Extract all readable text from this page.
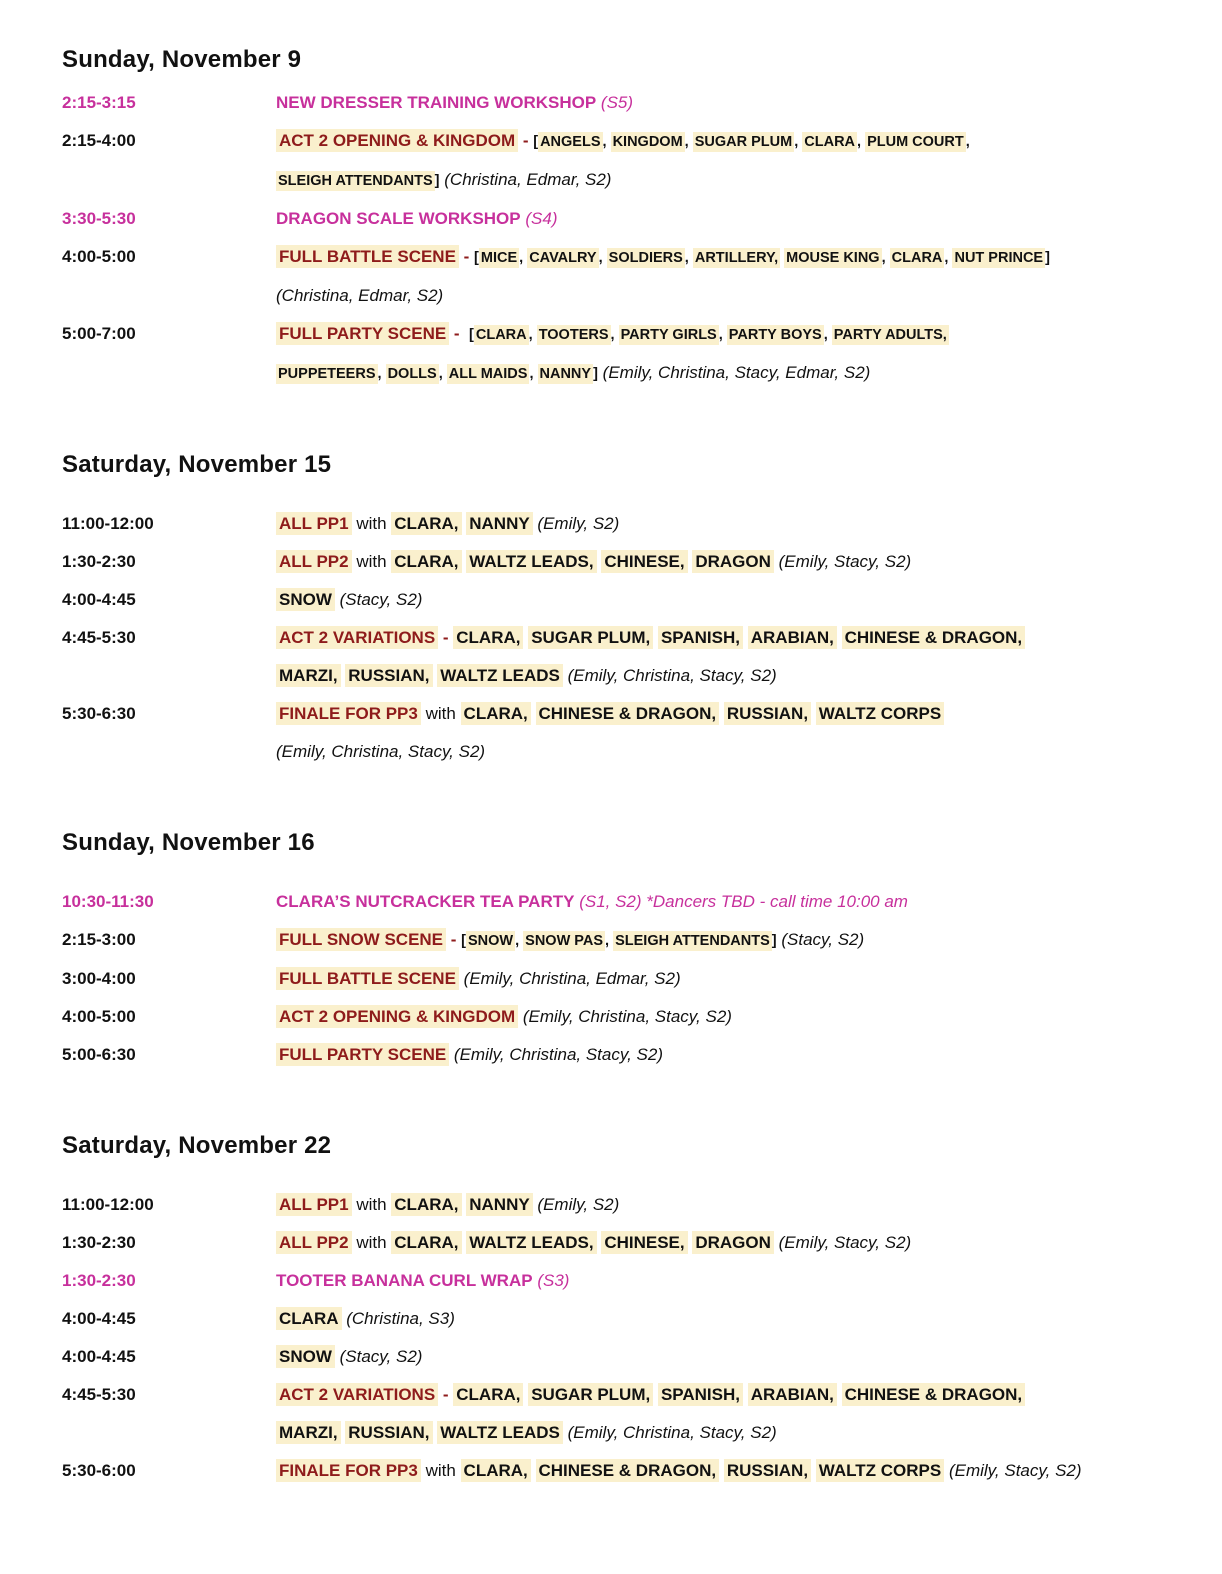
Sunday, November 9
2:15-3:15	NEW DRESSER TRAINING WORKSHOP (S5)
2:15-4:00	ACT 2 OPENING & KINGDOM - [ ANGELS , KINGDOM , SUGAR PLUM , CLARA , PLUM COURT ,
SLEIGH ATTENDANTS ] (Christina, Edmar, S2)
3:30-5:30	DRAGON SCALE WORKSHOP (S4)
4:00-5:00	FULL BATTLE SCENE - [ MICE , CAVALRY , SOLDIERS , ARTILLERY, MOUSE KING , CLARA , NUT PRINCE ]
(Christina, Edmar, S2)
5:00-7:00	FULL PARTY SCENE -  [ CLARA , TOOTERS , PARTY GIRLS , PARTY BOYS , PARTY ADULTS,
PUPPETEERS , DOLLS , ALL MAIDS , NANNY ] (Emily, Christina, Stacy, Edmar, S2)
Saturday, November 15
11:00-12:00	ALL PP1 with CLARA, NANNY (Emily, S2)
1:30-2:30	ALL PP2 with CLARA, WALTZ LEADS, CHINESE, DRAGON (Emily, Stacy, S2)
4:00-4:45	SNOW (Stacy, S2)
4:45-5:30	ACT 2 VARIATIONS - CLARA, SUGAR PLUM, SPANISH, ARABIAN, CHINESE & DRAGON,
MARZI, RUSSIAN, WALTZ LEADS (Emily, Christina, Stacy, S2)
5:30-6:30	FINALE FOR PP3 with CLARA, CHINESE & DRAGON, RUSSIAN, WALTZ CORPS
(Emily, Christina, Stacy, S2)
Sunday, November 16
10:30-11:30	CLARA’S NUTCRACKER TEA PARTY (S1, S2) *Dancers TBD - call time 10:00 am
2:15-3:00	FULL SNOW SCENE - [ SNOW , SNOW PAS , SLEIGH ATTENDANTS ] (Stacy, S2)
3:00-4:00	FULL BATTLE SCENE (Emily, Christina, Edmar, S2)
4:00-5:00	ACT 2 OPENING & KINGDOM (Emily, Christina, Stacy, S2)
5:00-6:30	FULL PARTY SCENE (Emily, Christina, Stacy, S2)
Saturday, November 22
11:00-12:00	ALL PP1 with CLARA, NANNY (Emily, S2)
1:30-2:30	ALL PP2 with CLARA, WALTZ LEADS, CHINESE, DRAGON (Emily, Stacy, S2)
1:30-2:30	TOOTER BANANA CURL WRAP (S3)
4:00-4:45	CLARA (Christina, S3)
4:00-4:45	SNOW (Stacy, S2)
4:45-5:30	ACT 2 VARIATIONS - CLARA, SUGAR PLUM, SPANISH, ARABIAN, CHINESE & DRAGON,
MARZI, RUSSIAN, WALTZ LEADS (Emily, Christina, Stacy, S2)
5:30-6:00	FINALE FOR PP3 with CLARA, CHINESE & DRAGON, RUSSIAN, WALTZ CORPS (Emily, Stacy, S2)
